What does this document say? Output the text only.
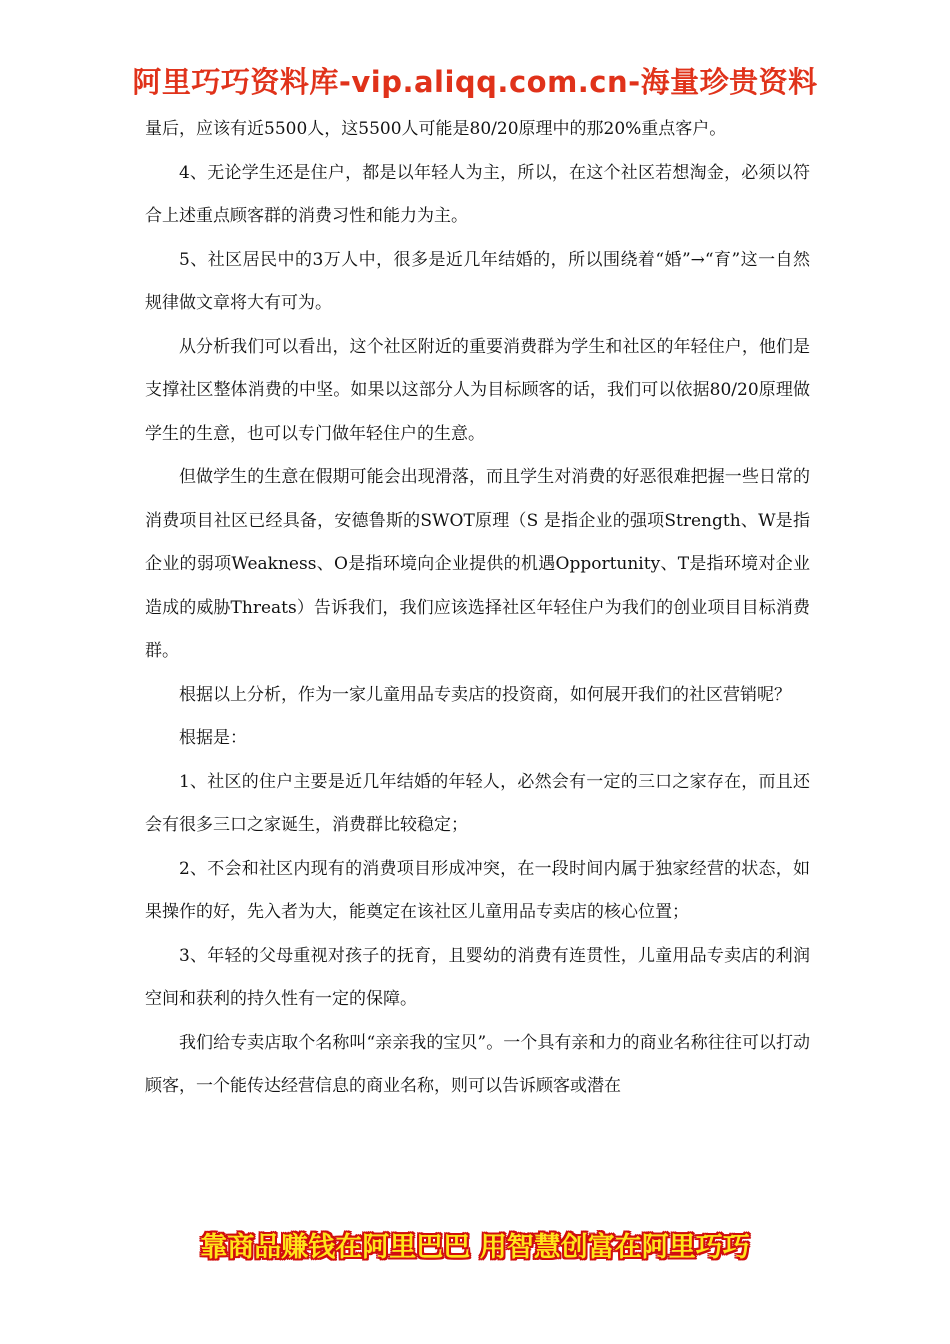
阿里巧巧资料库-vip.aliqq.com.cn-海量珍贵资料

量后，应该有近5500人，这5500人可能是80/20原理中的那20%重点客户。

4、无论学生还是住户，都是以年轻人为主，所以，在这个社区若想淘金，必须以符合上述重点顾客群的消费习性和能力为主。

5、社区居民中的3万人中，很多是近几年结婚的，所以围绕着“婚”→“育”这一自然规律做文章将大有可为。

从分析我们可以看出，这个社区附近的重要消费群为学生和社区的年轻住户，他们是支撑社区整体消费的中坚。如果以这部分人为目标顾客的话，我们可以依据80/20原理做学生的生意，也可以专门做年轻住户的生意。

但做学生的生意在假期可能会出现滑落，而且学生对消费的好恶很难把握一些日常的消费项目社区已经具备，安德鲁斯的SWOT原理（S 是指企业的强项Strength、W是指企业的弱项Weakness、O是指环境向企业提供的机遇Opportunity、T是指环境对企业造成的威胁Threats）告诉我们，我们应该选择社区年轻住户为我们的创业项目目标消费群。

根据以上分析，作为一家儿童用品专卖店的投资商，如何展开我们的社区营销呢？

根据是：

1、社区的住户主要是近几年结婚的年轻人，必然会有一定的三口之家存在，而且还会有很多三口之家诞生，消费群比较稳定；

2、不会和社区内现有的消费项目形成冲突，在一段时间内属于独家经营的状态，如果操作的好，先入者为大，能奠定在该社区儿童用品专卖店的核心位置；

3、年轻的父母重视对孩子的抚育，且婴幼的消费有连贯性，儿童用品专卖店的利润空间和获利的持久性有一定的保障。

我们给专卖店取个名称叫“亲亲我的宝贝”。一个具有亲和力的商业名称往往可以打动顾客，一个能传达经营信息的商业名称，则可以告诉顾客或潜在

靠商品赚钱在阿里巴巴 用智慧创富在阿里巧巧
